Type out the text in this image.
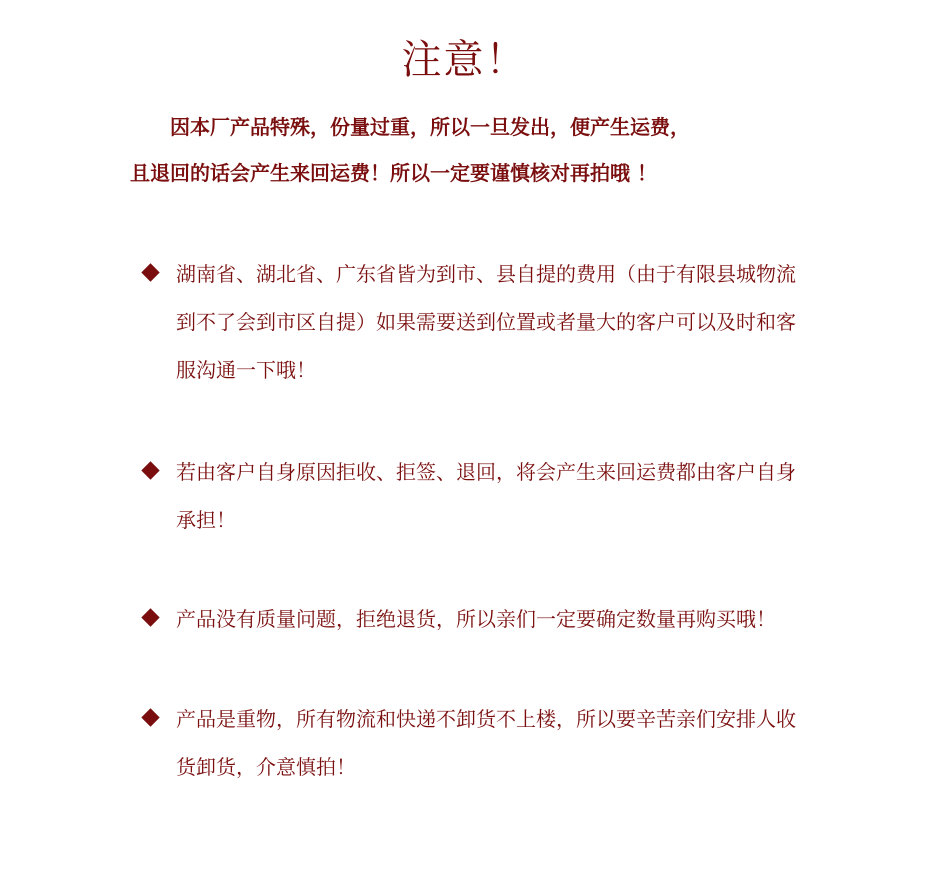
注意！
因本厂产品特殊，份量过重，所以一旦发出，便产生运费，
且退回的话会产生来回运费！所以一定要谨慎核对再拍哦 ！
湖南省、湖北省、广东省皆为到市、县自提的费用（由于有限县城物流到不了会到市区自提）如果需要送到位置或者量大的客户可以及时和客服沟通一下哦！
若由客户自身原因拒收、拒签、退回，将会产生来回运费都由客户自身承担！
产品没有质量问题，拒绝退货，所以亲们一定要确定数量再购买哦！
产品是重物，所有物流和快递不卸货不上楼，所以要辛苦亲们安排人收货卸货，介意慎拍！
